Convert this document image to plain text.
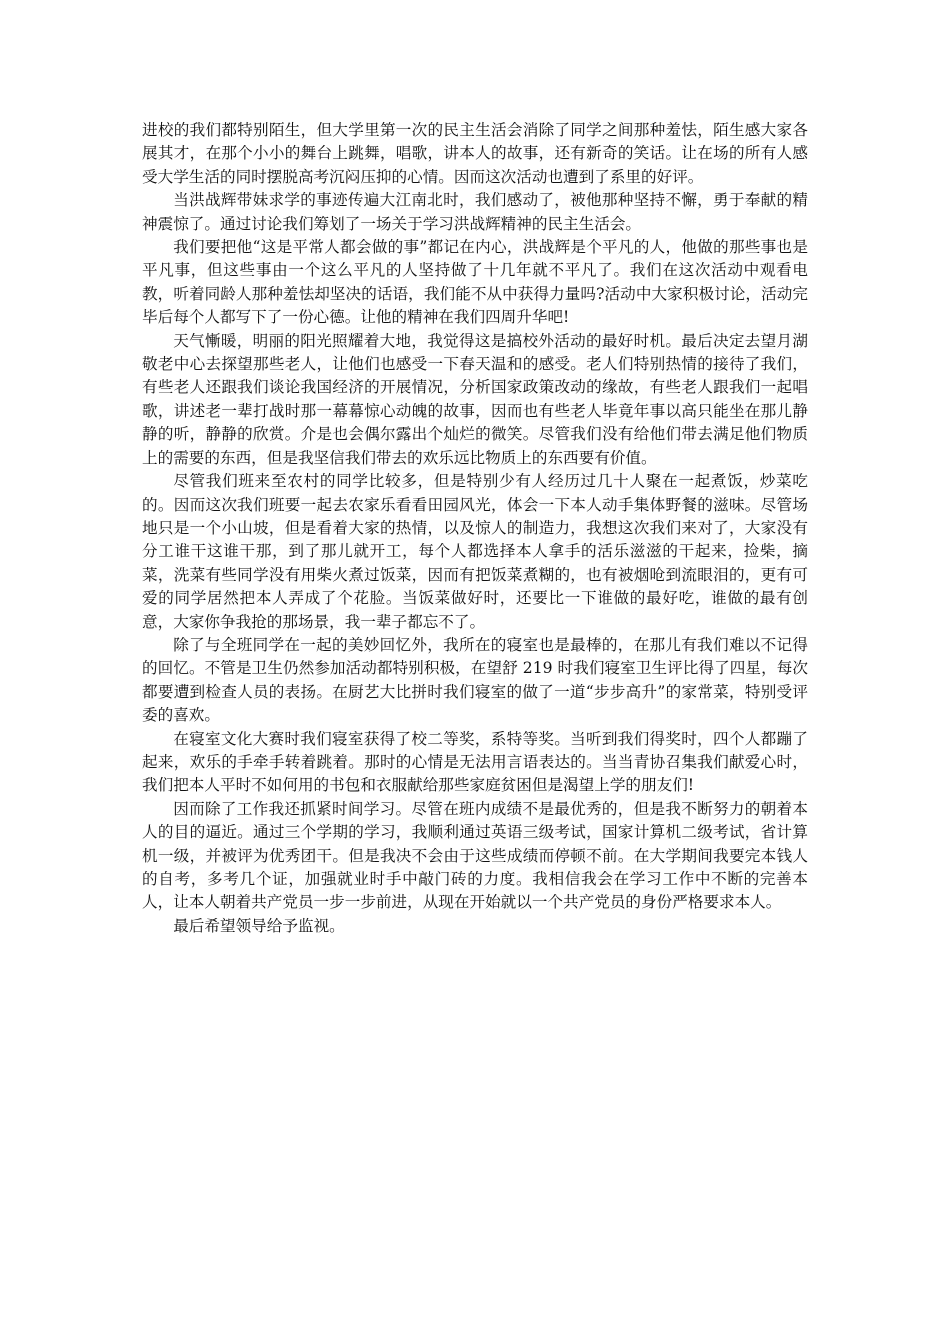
进校的我们都特别陌生，但大学里第一次的民主生活会消除了同学之间那种羞怯，陌生感大家各展其才，在那个小小的舞台上跳舞，唱歌，讲本人的故事，还有新奇的笑话。让在场的所有人感受大学生活的同时摆脱高考沉闷压抑的心情。因而这次活动也遭到了系里的好评。

当洪战辉带妹求学的事迹传遍大江南北时，我们感动了，被他那种坚持不懈，勇于奉献的精神震惊了。通过讨论我们筹划了一场关于学习洪战辉精神的民主生活会。

我们要把他“这是平常人都会做的事”都记在内心，洪战辉是个平凡的人，他做的那些事也是平凡事，但这些事由一个这么平凡的人坚持做了十几年就不平凡了。我们在这次活动中观看电教，听着同龄人那种羞怯却坚决的话语，我们能不从中获得力量吗?活动中大家积极讨论，活动完毕后每个人都写下了一份心德。让他的精神在我们四周升华吧!

天气慚暖，明丽的阳光照耀着大地，我觉得这是搞校外活动的最好时机。最后决定去望月湖敬老中心去探望那些老人，让他们也感受一下春天温和的感受。老人们特别热情的接待了我们，有些老人还跟我们谈论我国经济的开展情况，分析国家政策改动的缘故，有些老人跟我们一起唱歌，讲述老一辈打战时那一幕幕惊心动魄的故事，因而也有些老人毕竟年事以高只能坐在那儿静静的听，静静的欣赏。介是也会偶尔露出个灿烂的微笑。尽管我们没有给他们带去满足他们物质上的需要的东西，但是我坚信我们带去的欢乐远比物质上的东西要有价值。

尽管我们班来至农村的同学比较多，但是特别少有人经历过几十人聚在一起煮饭，炒菜吃的。因而这次我们班要一起去农家乐看看田园风光，体会一下本人动手集体野餐的滋味。尽管场地只是一个小山坡，但是看着大家的热情，以及惊人的制造力，我想这次我们来对了，大家没有分工谁干这谁干那，到了那儿就开工，每个人都选择本人拿手的活乐滋滋的干起来，捡柴，摘菜，洗菜有些同学没有用柴火煮过饭菜，因而有把饭菜煮糊的，也有被烟呛到流眼泪的，更有可爱的同学居然把本人弄成了个花脸。当饭菜做好时，还要比一下谁做的最好吃，谁做的最有创意，大家你争我抢的那场景，我一辈子都忘不了。

除了与全班同学在一起的美妙回忆外，我所在的寝室也是最棒的，在那儿有我们难以不记得的回忆。不管是卫生仍然参加活动都特别积极，在望舒 219 时我们寝室卫生评比得了四星，每次都要遭到检查人员的表扬。在厨艺大比拼时我们寝室的做了一道“步步高升”的家常菜，特别受评委的喜欢。

在寝室文化大赛时我们寝室获得了校二等奖，系特等奖。当听到我们得奖时，四个人都蹦了起来，欢乐的手牵手转着跳着。那时的心情是无法用言语表达的。当当青协召集我们献爱心时，我们把本人平时不如何用的书包和衣服献给那些家庭贫困但是渴望上学的朋友们!

因而除了工作我还抓紧时间学习。尽管在班内成绩不是最优秀的，但是我不断努力的朝着本人的目的逼近。通过三个学期的学习，我顺利通过英语三级考试，国家计算机二级考试，省计算机一级，并被评为优秀团干。但是我决不会由于这些成绩而停顿不前。在大学期间我要完本钱人的自考，多考几个证，加强就业时手中敲门砖的力度。我相信我会在学习工作中不断的完善本人，让本人朝着共产党员一步一步前进，从现在开始就以一个共产党员的身份严格要求本人。

最后希望领导给予监视。
